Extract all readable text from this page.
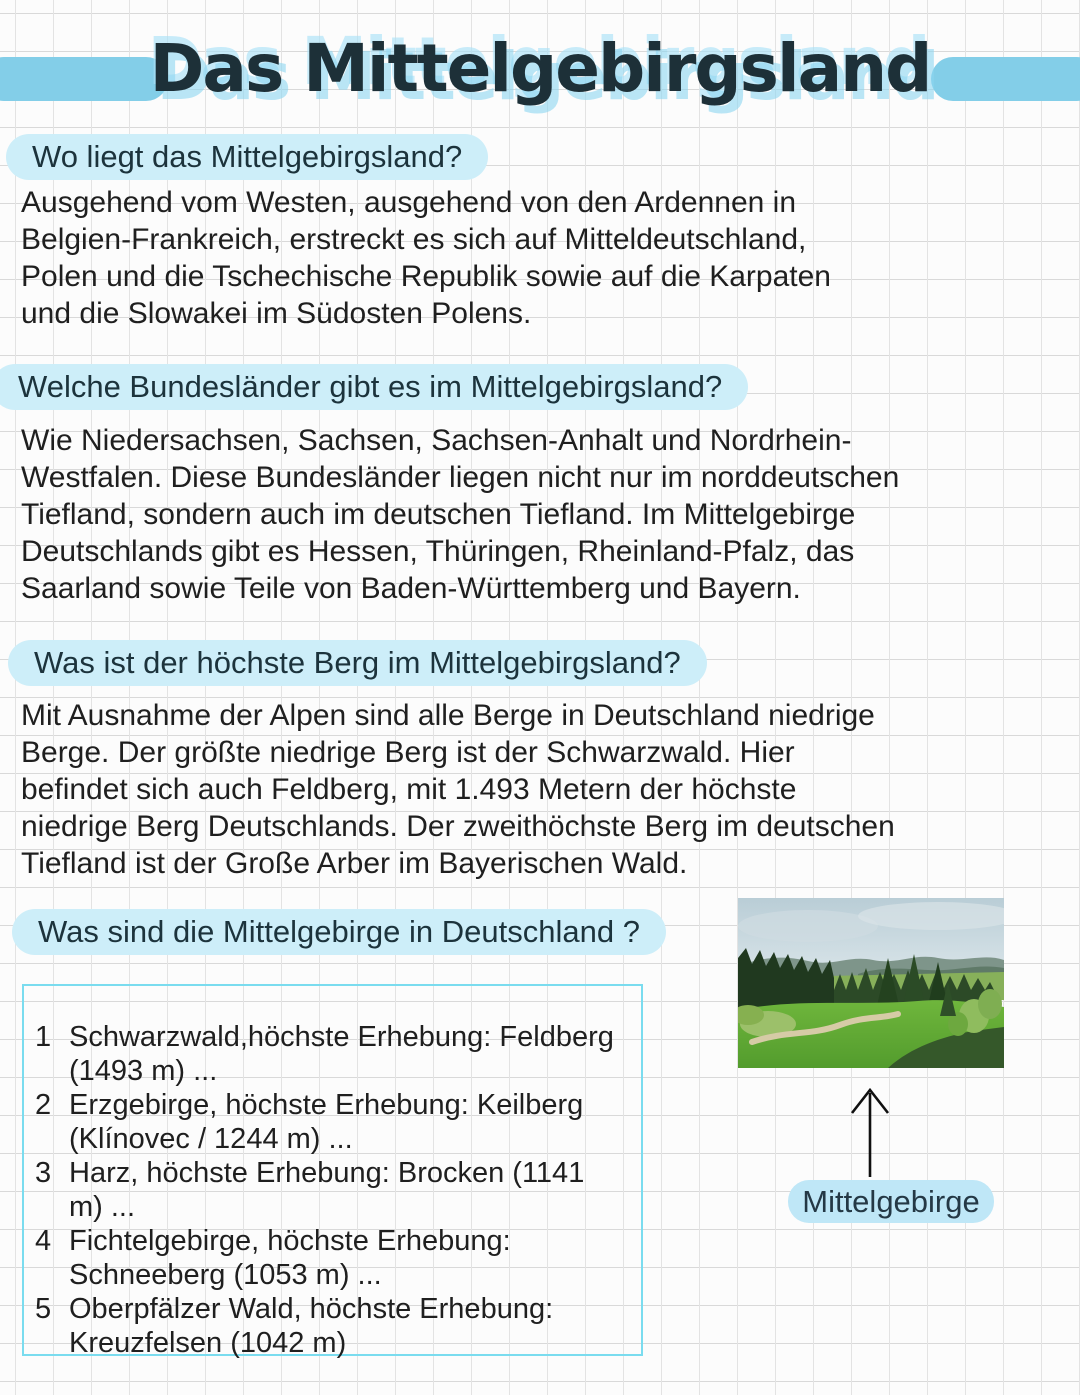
Das Mittelgebirgsland
Wo liegt das Mittelgebirgsland?
Ausgehend vom Westen, ausgehend von den Ardennen in
Belgien-Frankreich, erstreckt es sich auf Mitteldeutschland,
Polen und die Tschechische Republik sowie auf die Karpaten
und die Slowakei im Südosten Polens.
Welche Bundesländer gibt es im Mittelgebirgsland?
Wie Niedersachsen, Sachsen, Sachsen-Anhalt und Nordrhein-
Westfalen. Diese Bundesländer liegen nicht nur im norddeutschen
Tiefland, sondern auch im deutschen Tiefland. Im Mittelgebirge
Deutschlands gibt es Hessen, Thüringen, Rheinland-Pfalz, das
Saarland sowie Teile von Baden-Württemberg und Bayern.
Was ist der höchste Berg im Mittelgebirgsland?
Mit Ausnahme der Alpen sind alle Berge in Deutschland niedrige
Berge. Der größte niedrige Berg ist der Schwarzwald. Hier
befindet sich auch Feldberg, mit 1.493 Metern der höchste
niedrige Berg Deutschlands. Der zweithöchste Berg im deutschen
Tiefland ist der Große Arber im Bayerischen Wald.
Was sind die Mittelgebirge in Deutschland ?
1 Schwarzwald,höchste Erhebung: Feldberg
(1493 m) ...
2 Erzgebirge, höchste Erhebung: Keilberg
(Klínovec / 1244 m) ...
3 Harz, höchste Erhebung: Brocken (1141
m) ...
4 Fichtelgebirge, höchste Erhebung:
Schneeberg (1053 m) ...
5 Oberpfälzer Wald, höchste Erhebung:
Kreuzfelsen (1042 m)
Mittelgebirge
